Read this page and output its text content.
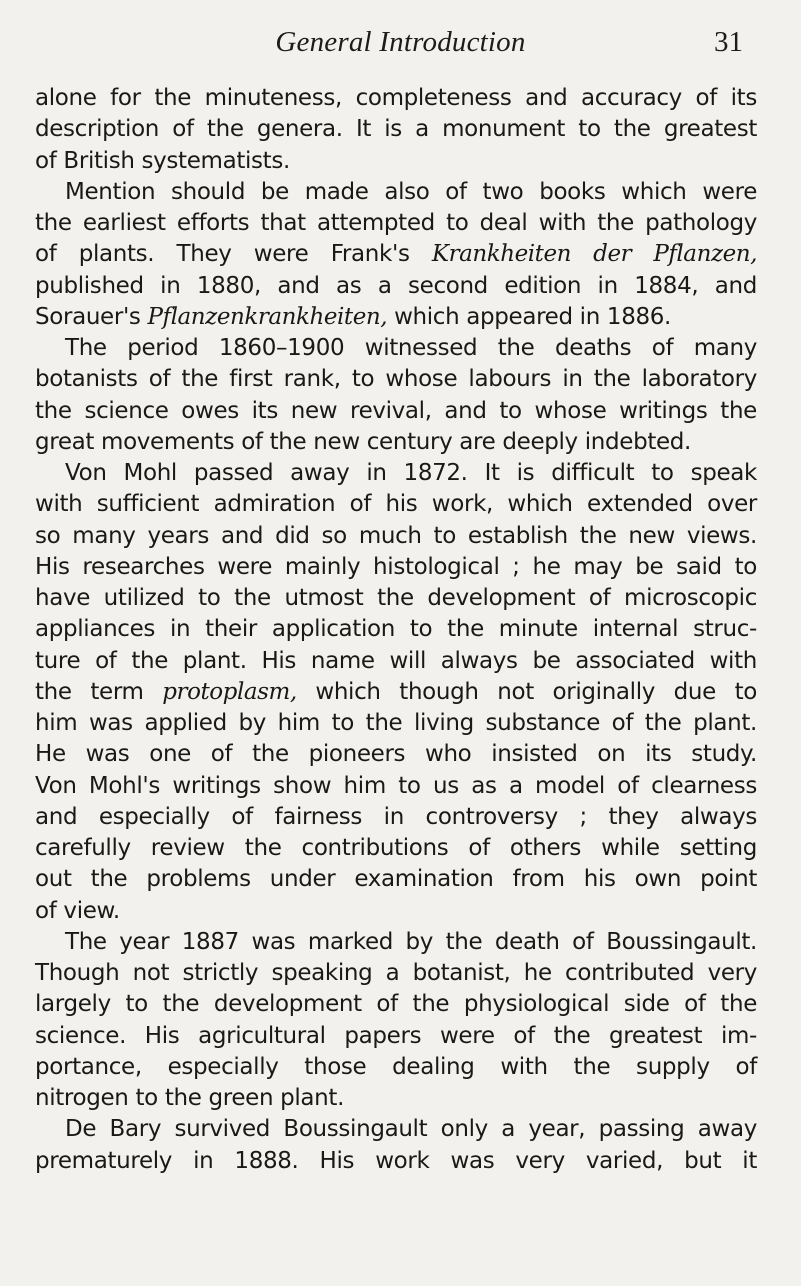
General Introduction	31
alone for the minuteness, completeness and accuracy of its
description of the genera. It is a monument to the greatest
of British systematists.
Mention should be made also of two books which were
the earliest efforts that attempted to deal with the pathology
of plants. They were Frank's Krankheiten der Pflanzen,
published in 1880, and as a second edition in 1884, and
Sorauer's Pflanzenkrankheiten, which appeared in 1886.
The period 1860–1900 witnessed the deaths of many
botanists of the first rank, to whose labours in the laboratory
the science owes its new revival, and to whose writings the
great movements of the new century are deeply indebted.
Von Mohl passed away in 1872. It is difficult to speak
with sufficient admiration of his work, which extended over
so many years and did so much to establish the new views.
His researches were mainly histological ; he may be said to
have utilized to the utmost the development of microscopic
appliances in their application to the minute internal struc-
ture of the plant. His name will always be associated with
the term protoplasm, which though not originally due to
him was applied by him to the living substance of the plant.
He was one of the pioneers who insisted on its study.
Von Mohl's writings show him to us as a model of clearness
and especially of fairness in controversy ; they always
carefully review the contributions of others while setting
out the problems under examination from his own point
of view.
The year 1887 was marked by the death of Boussingault.
Though not strictly speaking a botanist, he contributed very
largely to the development of the physiological side of the
science. His agricultural papers were of the greatest im-
portance, especially those dealing with the supply of
nitrogen to the green plant.
De Bary survived Boussingault only a year, passing away
prematurely in 1888. His work was very varied, but it
